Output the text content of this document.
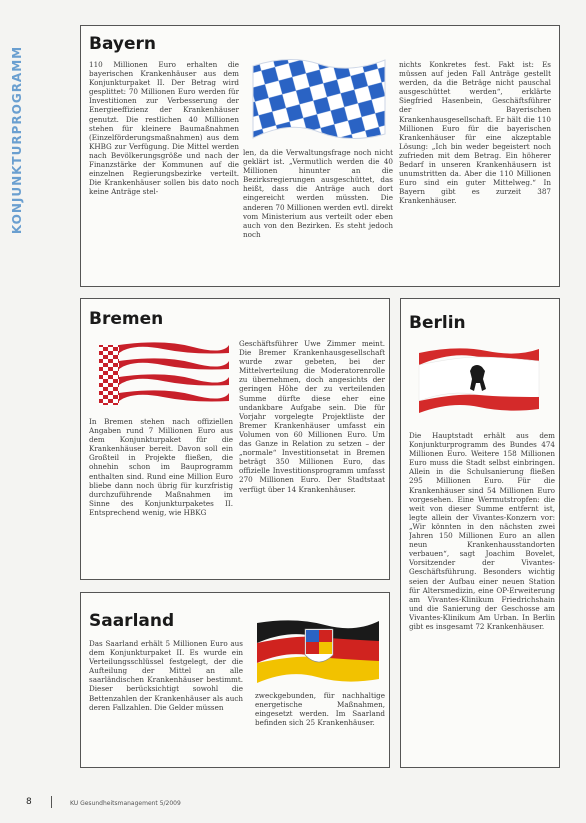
KONJUNKTURPROGRAMM
Bayern
110 Millionen Euro erhalten die bayerischen Krankenhäuser aus dem Konjunkturpaket II. Der Betrag wird gesplittet: 70 Millionen Euro werden für Investitionen zur Verbesserung der Energieeffizienz der Krankenhäuser genutzt. Die restlichen 40 Millionen stehen für kleinere Baumaßnahmen (Einzelförderungsmaßnahmen) aus dem KHBG zur Verfügung. Die Mittel werden nach Bevölkerungsgröße und nach der Finanzstärke der Kommunen auf die einzelnen Regierungsbezirke verteilt. Die Krankenhäuser sollen bis dato noch keine Anträge stel-
len, da die Verwaltungsfrage noch nicht geklärt ist. „Vermutlich werden die 40 Millionen hinunter an die Bezirksregierungen ausgeschüttet, das heißt, dass die Anträge auch dort eingereicht werden müssten. Die anderen 70 Millionen werden evtl. direkt vom Ministerium aus verteilt oder eben auch von den Bezirken. Es steht jedoch noch
nichts Konkretes fest. Fakt ist: Es müssen auf jeden Fall Anträge gestellt werden, da die Beträge nicht pauschal ausgeschüttet werden“, erklärte Siegfried Hasenbein, Geschäftsführer der Bayerischen Krankenhausgesellschaft. Er hält die 110 Millionen Euro für die bayerischen Krankenhäuser für eine akzeptable Lösung: „Ich bin weder begeistert noch zufrieden mit dem Betrag. Ein höherer Bedarf in unseren Krankenhäusern ist unumstritten da. Aber die 110 Millionen Euro sind ein guter Mittelweg.“ In Bayern gibt es zurzeit 387 Krankenhäuser.
Bremen
In Bremen stehen nach offiziellen Angaben rund 7 Millionen Euro aus dem Konjunkturpaket für die Krankenhäuser bereit. Davon soll ein Großteil in Projekte fließen, die ohnehin schon im Bauprogramm enthalten sind. Rund eine Million Euro bliebe dann noch übrig für kurzfristig durchzuführende Maßnahmen im Sinne des Konjunkturpaketes II. Entsprechend wenig, wie HBKG
Geschäftsführer Uwe Zimmer meint. Die Bremer Krankenhausgesellschaft wurde zwar gebeten, bei der Mittelverteilung die Moderatorenrolle zu übernehmen, doch angesichts der geringen Höhe der zu verteilenden Summe dürfte diese eher eine undankbare Aufgabe sein. Die für Vorjahr vorgelegte Projektliste der Bremer Krankenhäuser umfasst ein Volumen von 60 Millionen Euro. Um das Ganze in Relation zu setzen – der „normale“ Investitionsetat in Bremen beträgt 350 Millionen Euro, das offizielle Investitionsprogramm umfasst 270 Millionen Euro. Der Stadtstaat verfügt über 14 Krankenhäuser.
Berlin
Die Hauptstadt erhält aus dem Konjunkturprogramm des Bundes 474 Millionen Euro. Weitere 158 Millionen Euro muss die Stadt selbst einbringen. Allein in die Schulsanierung fließen 295 Millionen Euro. Für die Krankenhäuser sind 54 Millionen Euro vorgesehen. Eine Wermutstropfen: die weit von dieser Summe entfernt ist, legte allein der Vivantes-Konzern vor: „Wir könnten in den nächsten zwei Jahren 150 Millionen Euro an allen neun Krankenhausstandorten verbauen“, sagt Joachim Bovelet, Vorsitzender der Vivantes-Geschäftsführung. Besonders wichtig seien der Aufbau einer neuen Station für Altersmedizin, eine OP-Erweiterung am Vivantes-Klinikum Friedrichshain und die Sanierung der Geschosse am Vivantes-Klinikum Am Urban. In Berlin gibt es insgesamt 72 Krankenhäuser.
Saarland
Das Saarland erhält 5 Millionen Euro aus dem Konjunkturpaket II. Es wurde ein Verteilungsschlüssel festgelegt, der die Aufteilung der Mittel an alle saarländischen Krankenhäuser bestimmt. Dieser berücksichtigt sowohl die Bettenzahlen der Krankenhäuser als auch deren Fallzahlen. Die Gelder müssen
zweckgebunden, für nachhaltige energetische Maßnahmen, eingesetzt werden. Im Saarland befinden sich 25 Krankenhäuser.
8	KU Gesundheitsmanagement 5/2009
